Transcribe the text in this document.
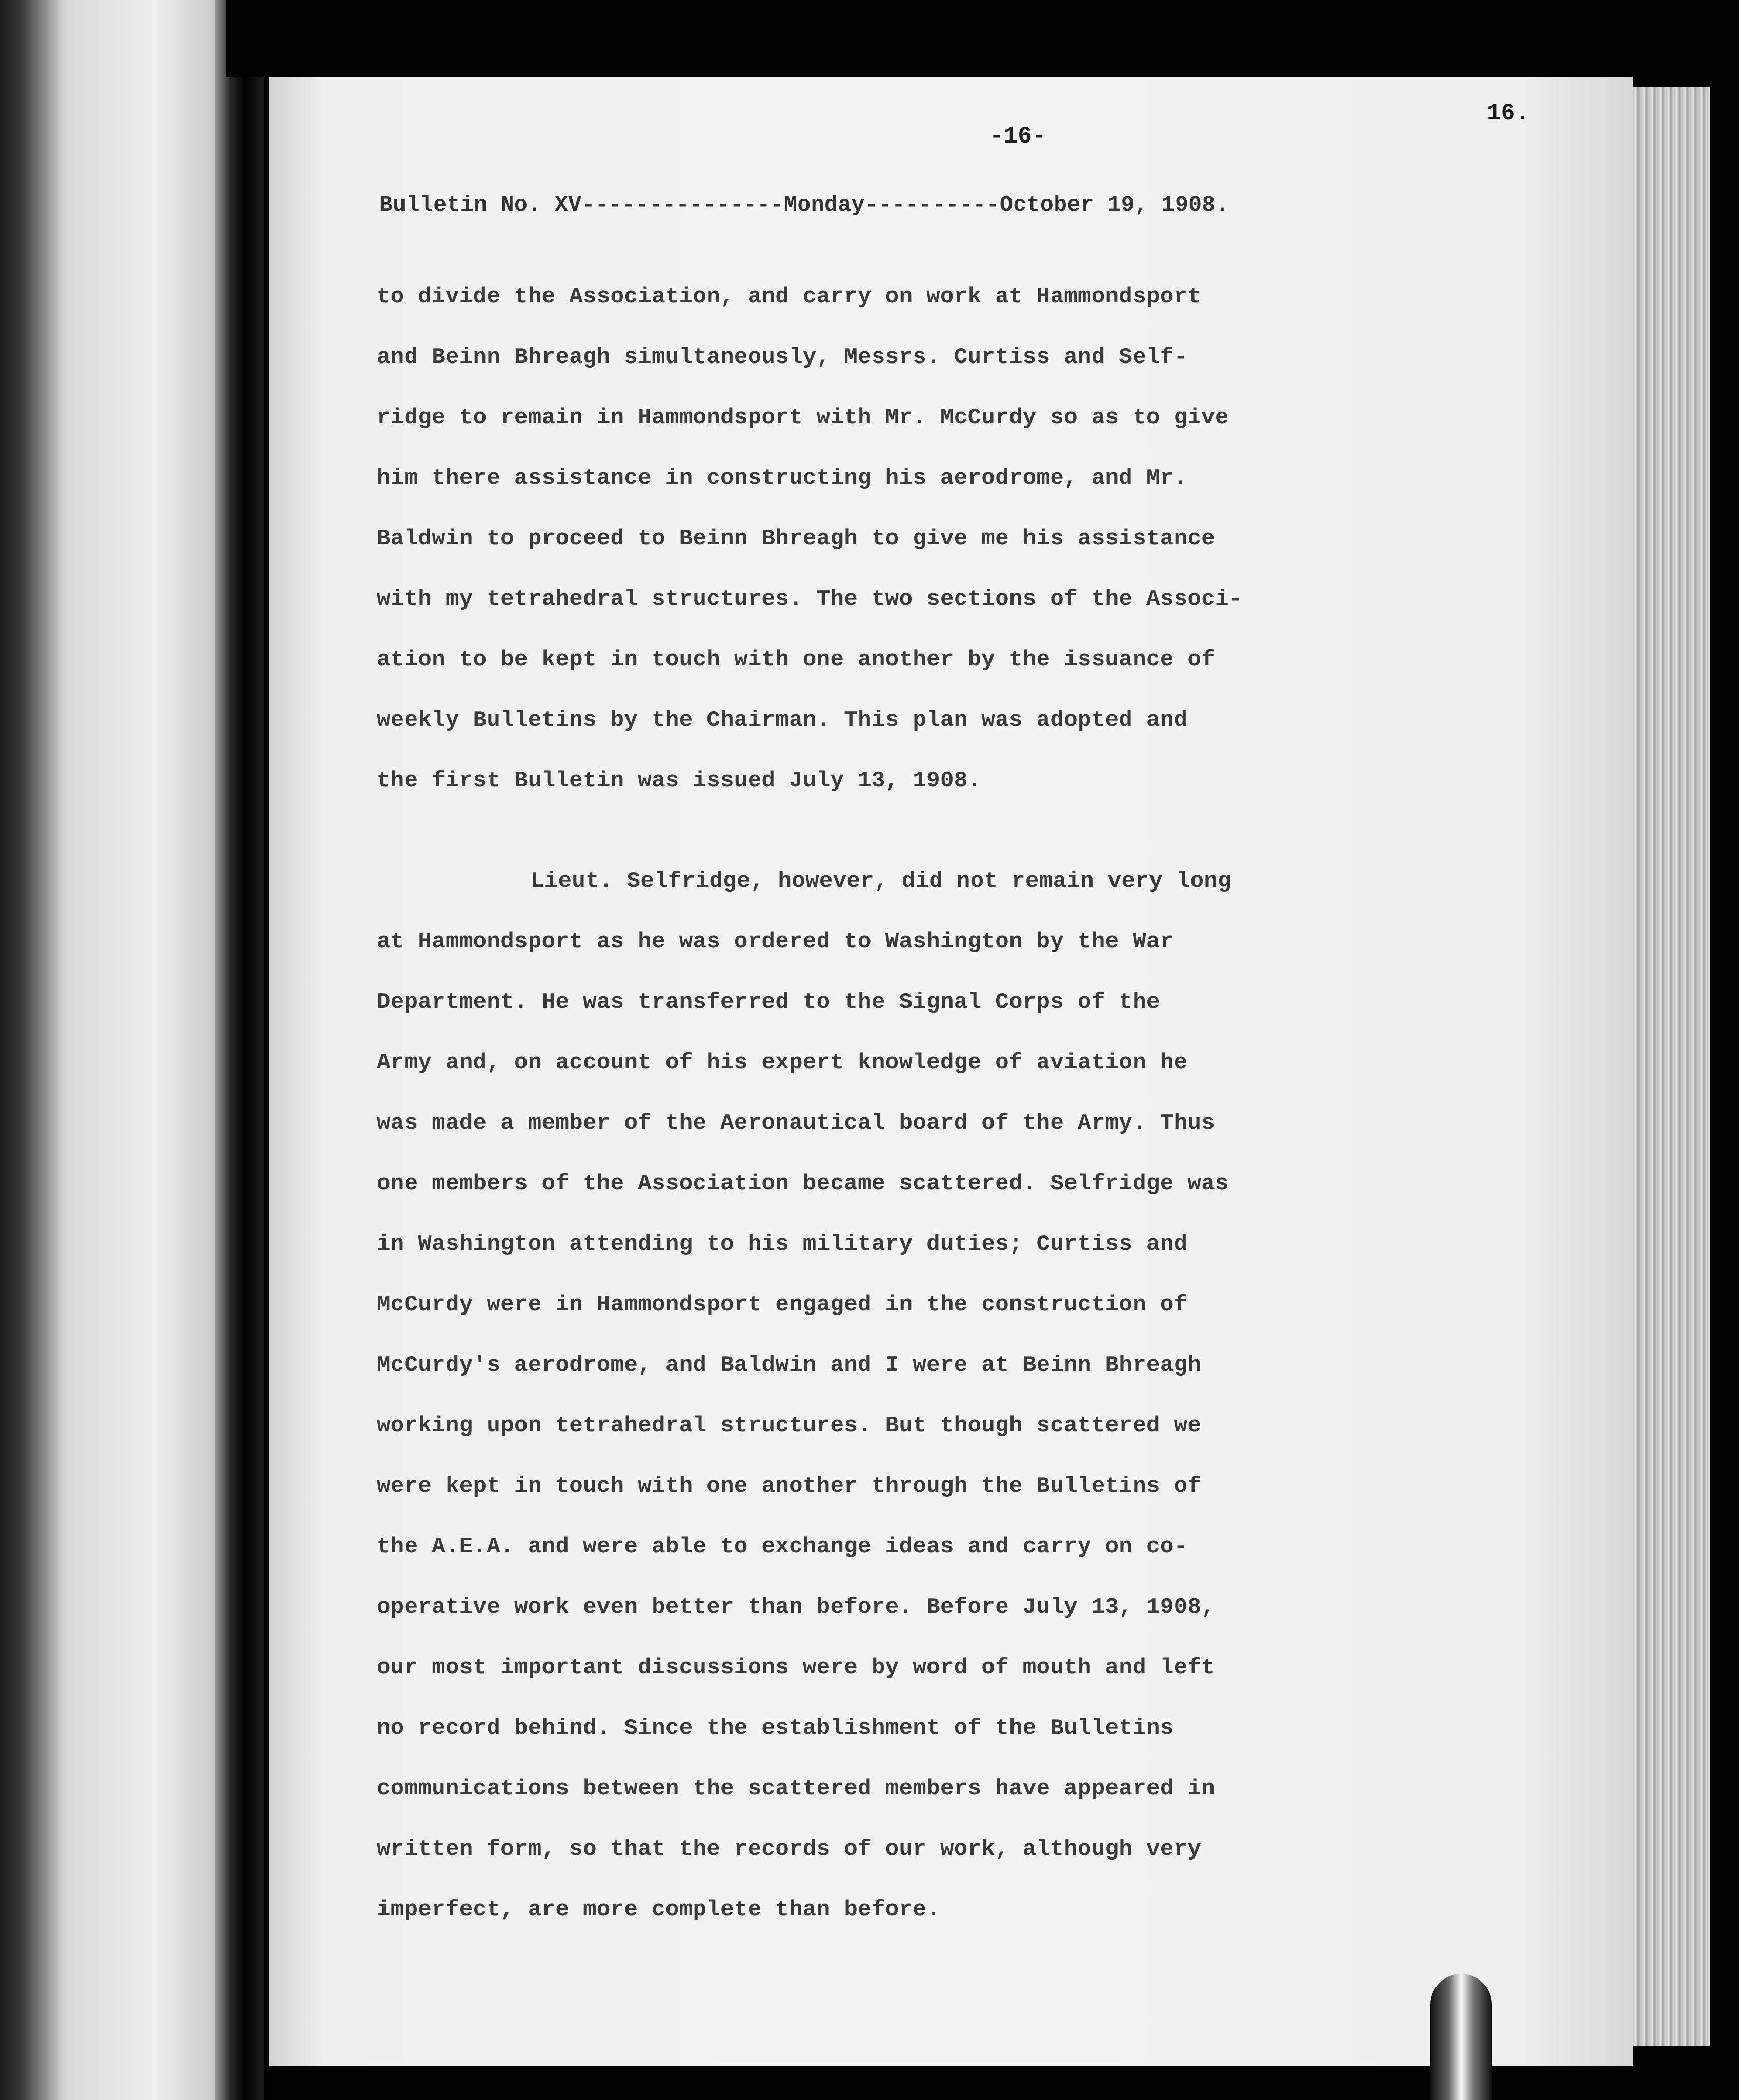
16.
-16-
Bulletin No. XV---------------Monday----------October 19, 1908.
to divide the Association, and carry on work at Hammondsport
and Beinn Bhreagh simultaneously, Messrs. Curtiss and Self-
ridge to remain in Hammondsport with Mr. McCurdy so as to give
him there assistance in constructing his aerodrome, and Mr.
Baldwin to proceed to Beinn Bhreagh to give me his assistance
with my tetrahedral structures. The two sections of the Associ-
ation to be kept in touch with one another by the issuance of
weekly Bulletins by the Chairman. This plan was adopted and
the first Bulletin was issued July 13, 1908.
Lieut. Selfridge, however, did not remain very long
at Hammondsport as he was ordered to Washington by the War
Department. He was transferred to the Signal Corps of the
Army and, on account of his expert knowledge of aviation he
was made a member of the Aeronautical board of the Army. Thus
one members of the Association became scattered. Selfridge was
in Washington attending to his military duties; Curtiss and
McCurdy were in Hammondsport engaged in the construction of
McCurdy's aerodrome, and Baldwin and I were at Beinn Bhreagh
working upon tetrahedral structures. But though scattered we
were kept in touch with one another through the Bulletins of
the A.E.A. and were able to exchange ideas and carry on co-
operative work even better than before. Before July 13, 1908,
our most important discussions were by word of mouth and left
no record behind. Since the establishment of the Bulletins
communications between the scattered members have appeared in
written form, so that the records of our work, although very
imperfect, are more complete than before.
